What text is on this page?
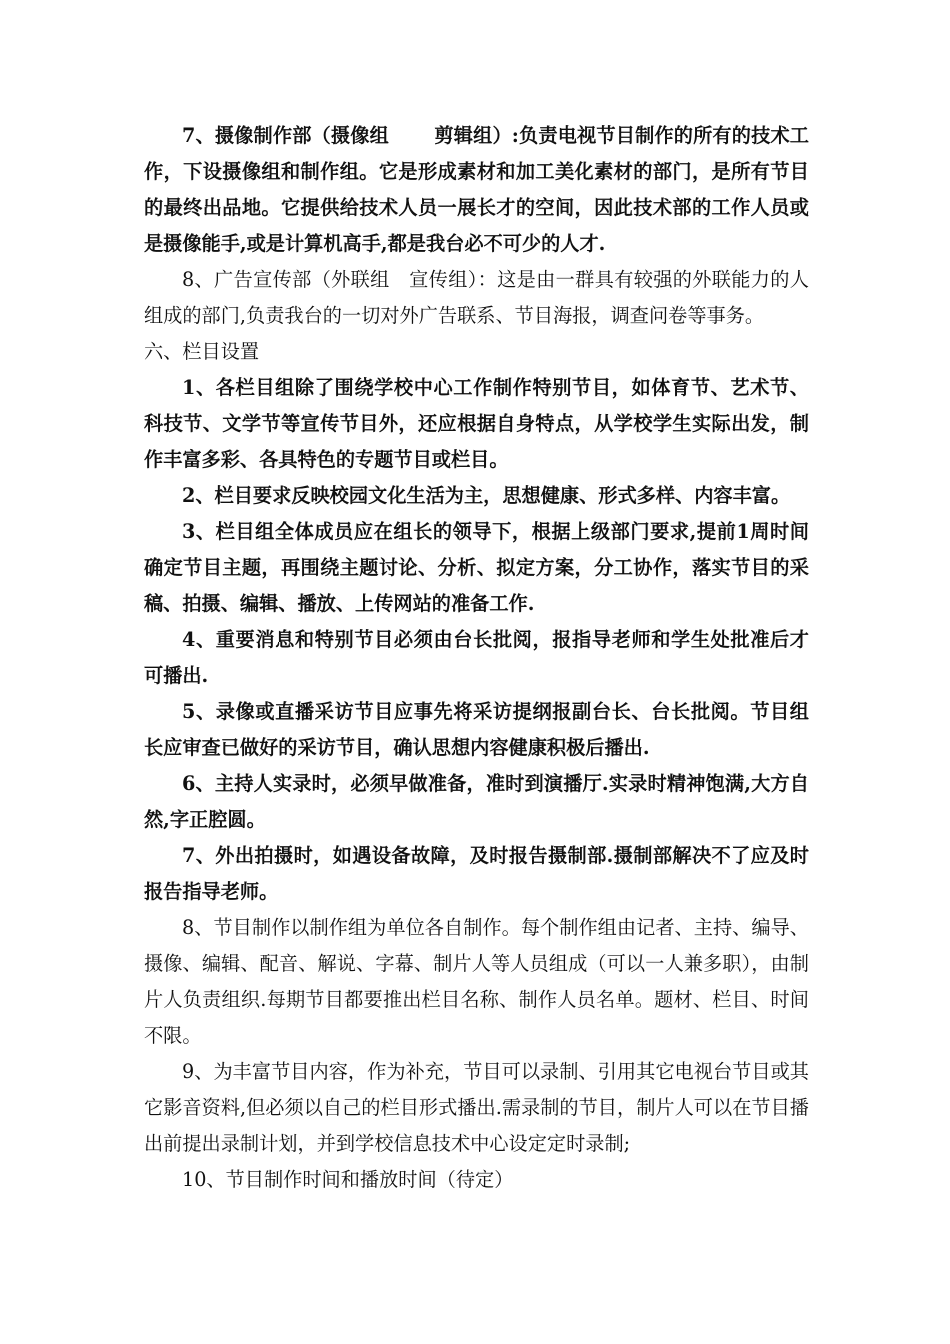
7、摄像制作部（摄像组　　 剪辑组）:负责电视节目制作的所有的技术工作，下设摄像组和制作组。它是形成素材和加工美化素材的部门，是所有节目的最终出品地。它提供给技术人员一展长才的空间，因此技术部的工作人员或是摄像能手,或是计算机高手,都是我台必不可少的人才.

8、广告宣传部（外联组　宣传组）：这是由一群具有较强的外联能力的人组成的部门,负责我台的一切对外广告联系、节目海报，调查问卷等事务。

六、栏目设置

1、各栏目组除了围绕学校中心工作制作特别节目，如体育节、艺术节、科技节、文学节等宣传节目外，还应根据自身特点，从学校学生实际出发，制作丰富多彩、各具特色的专题节目或栏目。

2、栏目要求反映校园文化生活为主，思想健康、形式多样、内容丰富。

3、栏目组全体成员应在组长的领导下，根据上级部门要求,提前1周时间确定节目主题，再围绕主题讨论、分析、拟定方案，分工协作，落实节目的采稿、拍摄、编辑、播放、上传网站的准备工作.

4、重要消息和特别节目必须由台长批阅，报指导老师和学生处批准后才可播出.

5、录像或直播采访节目应事先将采访提纲报副台长、台长批阅。节目组长应审查已做好的采访节目，确认思想内容健康积极后播出.

6、主持人实录时，必须早做准备，准时到演播厅.实录时精神饱满,大方自然,字正腔圆。

7、外出拍摄时，如遇设备故障，及时报告摄制部.摄制部解决不了应及时报告指导老师。

8、节目制作以制作组为单位各自制作。每个制作组由记者、主持、编导、摄像、编辑、配音、解说、字幕、制片人等人员组成（可以一人兼多职），由制片人负责组织.每期节目都要推出栏目名称、制作人员名单。题材、栏目、时间不限。

9、为丰富节目内容，作为补充，节目可以录制、引用其它电视台节目或其它影音资料,但必须以自己的栏目形式播出.需录制的节目，制片人可以在节目播出前提出录制计划，并到学校信息技术中心设定定时录制;

10、节目制作时间和播放时间（待定）
